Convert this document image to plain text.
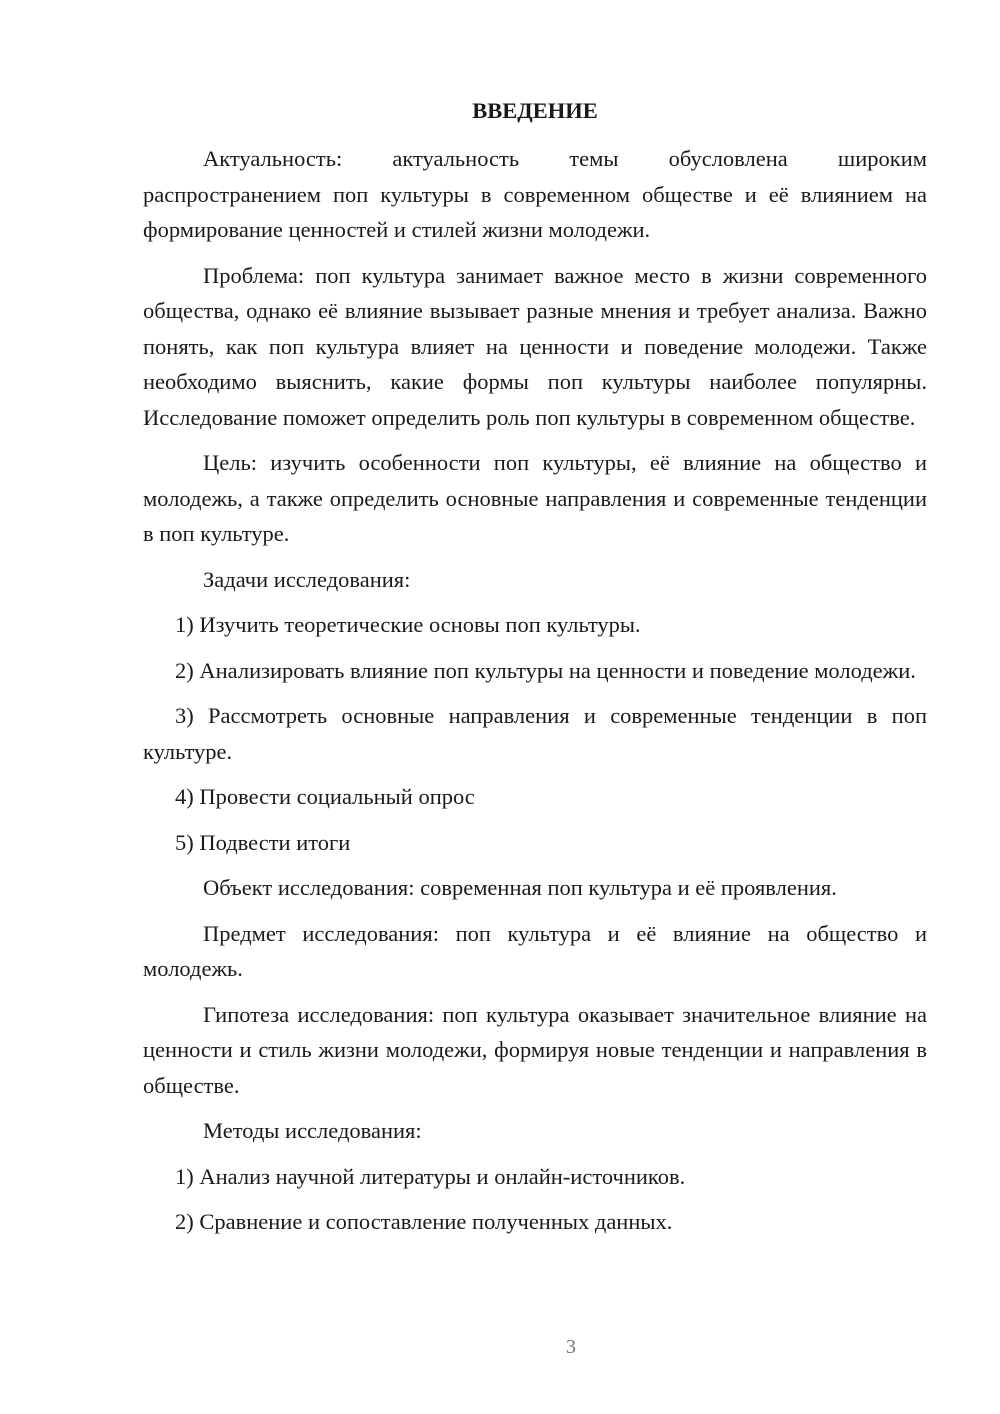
ВВЕДЕНИЕ

Актуальность: актуальность темы обусловлена широким распространением поп культуры в современном обществе и её влиянием на формирование ценностей и стилей жизни молодежи.

Проблема: поп культура занимает важное место в жизни современного общества, однако её влияние вызывает разные мнения и требует анализа. Важно понять, как поп культура влияет на ценности и поведение молодежи. Также необходимо выяснить, какие формы поп культуры наиболее популярны. Исследование поможет определить роль поп культуры в современном обществе.

Цель: изучить особенности поп культуры, её влияние на общество и молодежь, а также определить основные направления и современные тенденции в поп культуре.

Задачи исследования:

1) Изучить теоретические основы поп культуры.

2) Анализировать влияние поп культуры на ценности и поведение молодежи.

3) Рассмотреть основные направления и современные тенденции в поп культуре.

4) Провести социальный опрос

5) Подвести итоги

Объект исследования: современная поп культура и её проявления.

Предмет исследования: поп культура и её влияние на общество и молодежь.

Гипотеза исследования: поп культура оказывает значительное влияние на ценности и стиль жизни молодежи, формируя новые тенденции и направления в обществе.

Методы исследования:

1) Анализ научной литературы и онлайн-источников.

2) Сравнение и сопоставление полученных данных.

3
